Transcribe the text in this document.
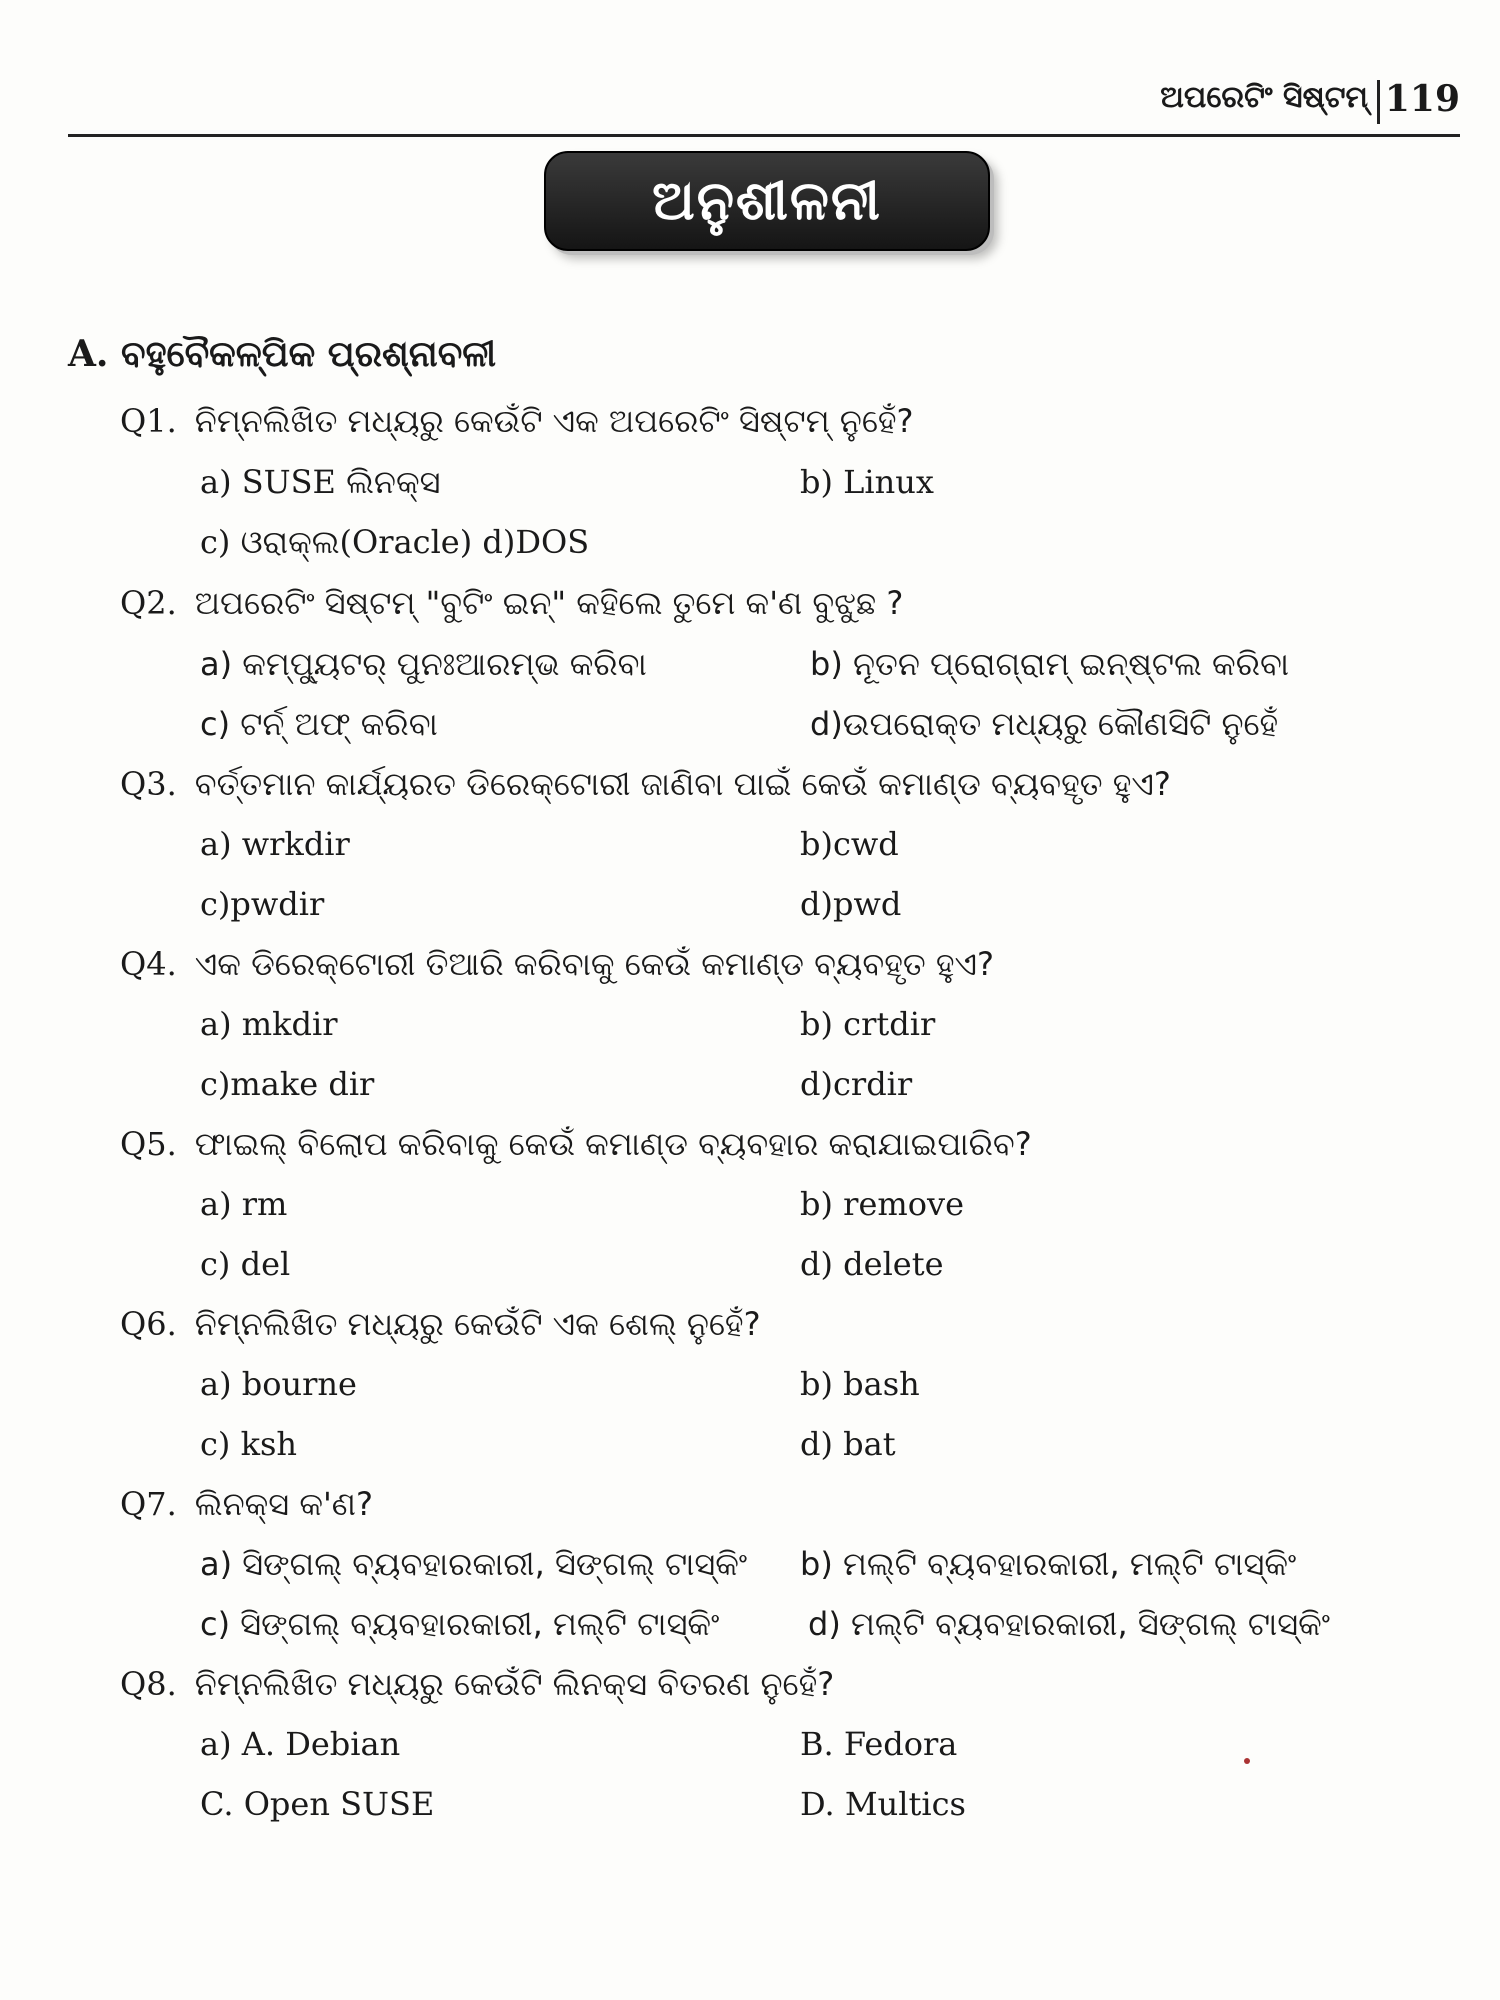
ଅପରେଟିଂ ସିଷ୍ଟମ୍ 119
ଅନୁଶୀଳନୀ
A. ବହୁବୈକଳ୍ପିକ ପ୍ରଶ୍ନାବଳୀ
Q1. ନିମ୍ନଲିଖିତ ମଧ୍ୟରୁ କେଉଁଟି ଏକ ଅପରେଟିଂ ସିଷ୍ଟମ୍ ନୁହେଁ?
a) SUSE ଲିନକ୍ସ	b) Linux
c) ଓରାକ୍ଲ(Oracle) d)DOS
Q2. ଅପରେଟିଂ ସିଷ୍ଟମ୍ "ବୁଟିଂ ଇନ୍" କହିଲେ ତୁମେ କ'ଣ ବୁଝୁଛ ?
a) କମ୍ପ୍ୟୁଟର୍ ପୁନଃଆରମ୍ଭ କରିବା	b) ନୂତନ ପ୍ରୋଗ୍ରାମ୍ ଇନ୍ଷ୍ଟଲ କରିବା
c) ଟର୍ନ୍ ଅଫ୍ କରିବା	d)ଉପରୋକ୍ତ ମଧ୍ୟରୁ କୌଣସିଟି ନୁହେଁ
Q3. ବର୍ତ୍ତମାନ କାର୍ଯ୍ୟରତ ଡିରେକ୍ଟୋରୀ ଜାଣିବା ପାଇଁ କେଉଁ କମାଣ୍ଡ ବ୍ୟବହୃତ ହୁଏ?
a) wrkdir	b)cwd
c)pwdir	d)pwd
Q4. ଏକ ଡିରେକ୍ଟୋରୀ ତିଆରି କରିବାକୁ କେଉଁ କମାଣ୍ଡ ବ୍ୟବହୃତ ହୁଏ?
a) mkdir	b) crtdir
c)make dir	d)crdir
Q5. ଫାଇଲ୍ ବିଲୋପ କରିବାକୁ କେଉଁ କମାଣ୍ଡ ବ୍ୟବହାର କରାଯାଇପାରିବ?
a) rm	b) remove
c) del	d) delete
Q6. ନିମ୍ନଲିଖିତ ମଧ୍ୟରୁ କେଉଁଟି ଏକ ଶେଲ୍ ନୁହେଁ?
a) bourne	b) bash
c) ksh	d) bat
Q7. ଲିନକ୍ସ କ'ଣ?
a) ସିଙ୍ଗଲ୍ ବ୍ୟବହାରକାରୀ, ସିଙ୍ଗଲ୍ ଟାସ୍କିଂ b) ମଲ୍ଟି ବ୍ୟବହାରକାରୀ, ମଲ୍ଟି ଟାସ୍କିଂ
c) ସିଙ୍ଗଲ୍ ବ୍ୟବହାରକାରୀ, ମଲ୍ଟି ଟାସ୍କିଂ	d) ମଲ୍ଟି ବ୍ୟବହାରକାରୀ, ସିଙ୍ଗଲ୍ ଟାସ୍କିଂ
Q8. ନିମ୍ନଲିଖିତ ମଧ୍ୟରୁ କେଉଁଟି ଲିନକ୍ସ ବିତରଣ ନୁହେଁ?
a) A. Debian	B. Fedora
C. Open SUSE	D. Multics
